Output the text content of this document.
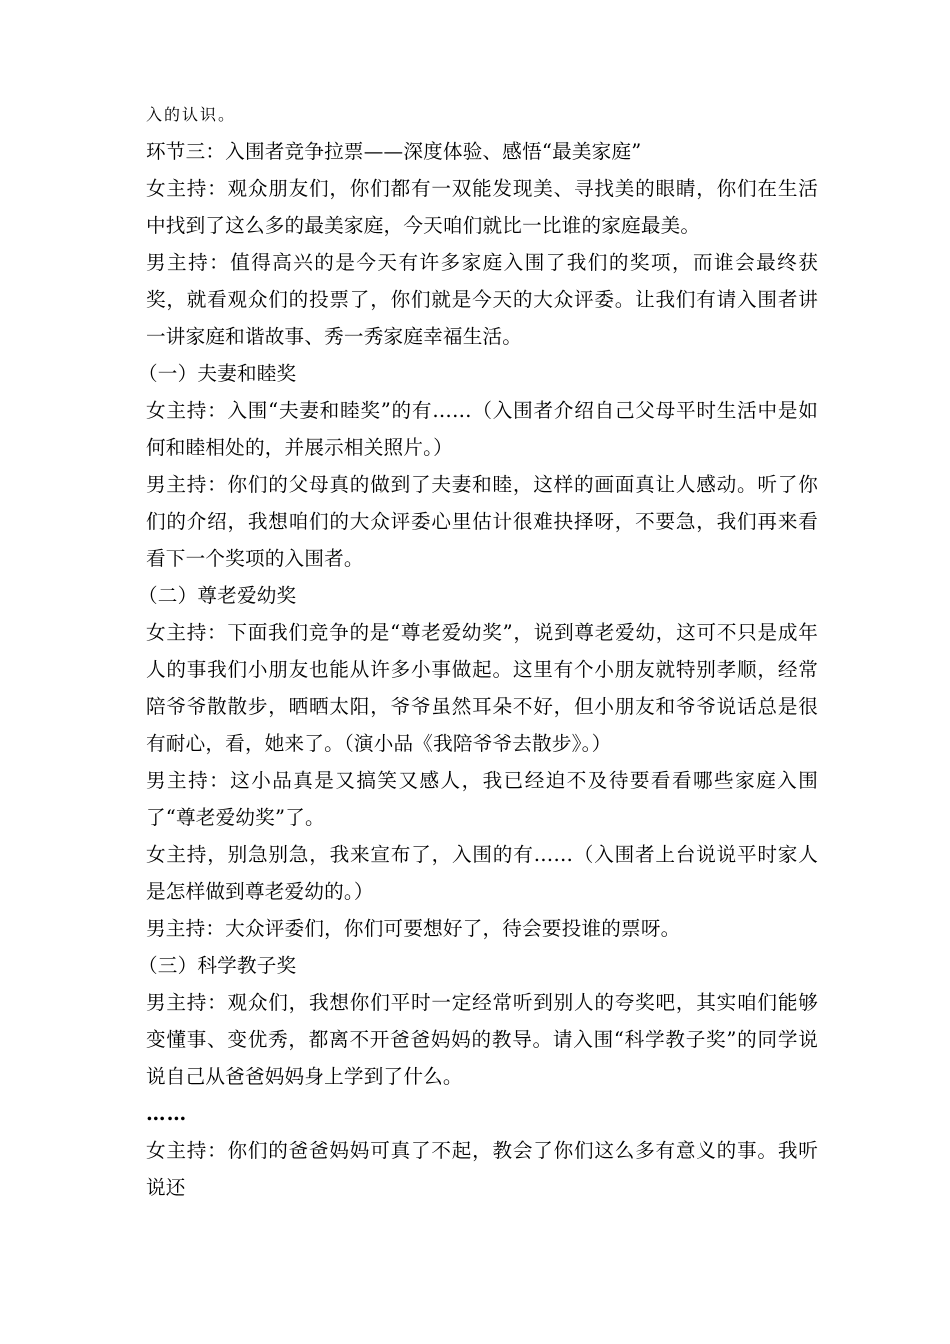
入的认识。

环节三：入围者竞争拉票——深度体验、感悟“最美家庭”

女主持：观众朋友们，你们都有一双能发现美、寻找美的眼睛，你们在生活中找到了这么多的最美家庭，今天咱们就比一比谁的家庭最美。

男主持：值得高兴的是今天有许多家庭入围了我们的奖项，而谁会最终获奖，就看观众们的投票了，你们就是今天的大众评委。让我们有请入围者讲一讲家庭和谐故事、秀一秀家庭幸福生活。

（一）夫妻和睦奖

女主持：入围“夫妻和睦奖”的有……（入围者介绍自己父母平时生活中是如何和睦相处的，并展示相关照片。）

男主持：你们的父母真的做到了夫妻和睦，这样的画面真让人感动。听了你们的介绍，我想咱们的大众评委心里估计很难抉择呀，不要急，我们再来看看下一个奖项的入围者。

（二）尊老爱幼奖

女主持：下面我们竞争的是“尊老爱幼奖”，说到尊老爱幼，这可不只是成年人的事我们小朋友也能从许多小事做起。这里有个小朋友就特别孝顺，经常陪爷爷散散步，晒晒太阳，爷爷虽然耳朵不好，但小朋友和爷爷说话总是很有耐心，看，她来了。（演小品《我陪爷爷去散步》。）

男主持：这小品真是又搞笑又感人，我已经迫不及待要看看哪些家庭入围了“尊老爱幼奖”了。

女主持，别急别急，我来宣布了，入围的有……（入围者上台说说平时家人是怎样做到尊老爱幼的。）

男主持：大众评委们，你们可要想好了，待会要投谁的票呀。

（三）科学教子奖

男主持：观众们，我想你们平时一定经常听到别人的夸奖吧，其实咱们能够变懂事、变优秀，都离不开爸爸妈妈的教导。请入围“科学教子奖”的同学说说自己从爸爸妈妈身上学到了什么。

……

女主持：你们的爸爸妈妈可真了不起，教会了你们这么多有意义的事。我听说还
